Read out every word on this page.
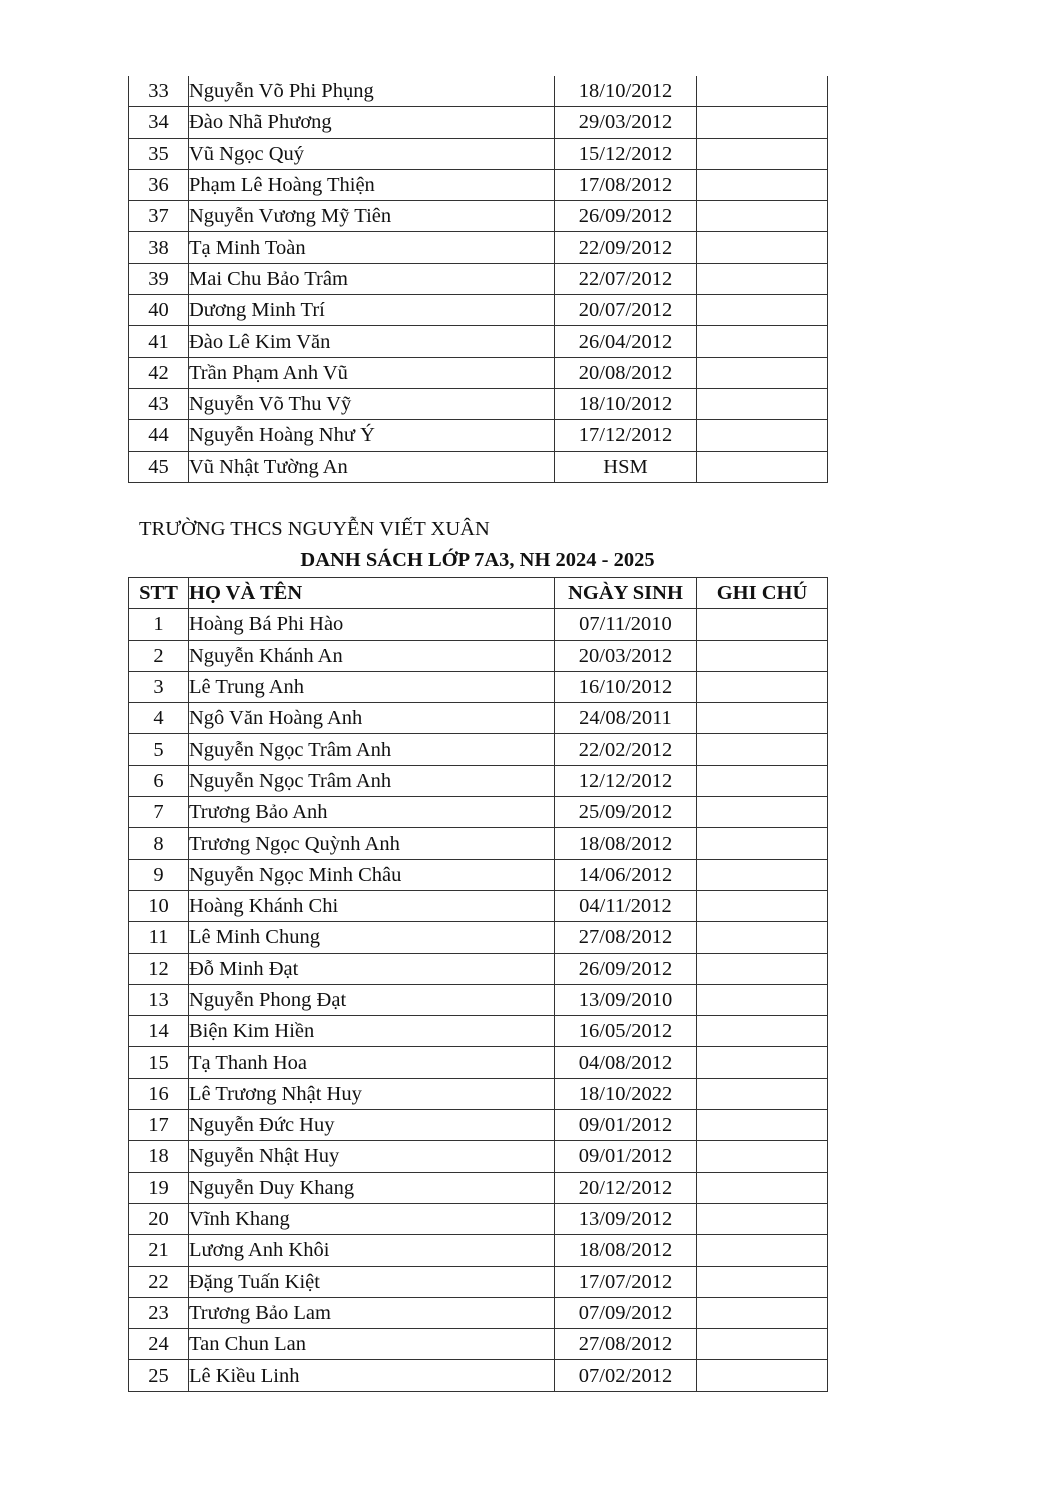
33	Nguyễn Võ Phi Phụng	18/10/2012	
34	Đào Nhã Phương	29/03/2012	
35	Vũ Ngọc Quý	15/12/2012	
36	Phạm Lê Hoàng Thiện	17/08/2012	
37	Nguyễn Vương Mỹ Tiên	26/09/2012	
38	Tạ Minh Toàn	22/09/2012	
39	Mai Chu Bảo Trâm	22/07/2012	
40	Dương Minh Trí	20/07/2012	
41	Đào Lê Kim Văn	26/04/2012	
42	Trần Phạm Anh Vũ	20/08/2012	
43	Nguyễn Võ Thu Vỹ	18/10/2012	
44	Nguyễn Hoàng Như Ý	17/12/2012	
45	Vũ Nhật Tường An	HSM	
TRƯỜNG THCS NGUYỄN VIẾT XUÂN
DANH SÁCH LỚP 7A3, NH 2024 - 2025
STT	HỌ VÀ TÊN	NGÀY SINH	GHI CHÚ
1	Hoàng Bá Phi Hào	07/11/2010	
2	Nguyễn Khánh An	20/03/2012	
3	Lê Trung Anh	16/10/2012	
4	Ngô Văn Hoàng Anh	24/08/2011	
5	Nguyễn Ngọc Trâm Anh	22/02/2012	
6	Nguyễn Ngọc Trâm Anh	12/12/2012	
7	Trương Bảo Anh	25/09/2012	
8	Trương Ngọc Quỳnh Anh	18/08/2012	
9	Nguyễn Ngọc Minh Châu	14/06/2012	
10	Hoàng Khánh Chi	04/11/2012	
11	Lê Minh Chung	27/08/2012	
12	Đỗ Minh Đạt	26/09/2012	
13	Nguyễn Phong Đạt	13/09/2010	
14	Biện Kim Hiền	16/05/2012	
15	Tạ Thanh Hoa	04/08/2012	
16	Lê Trương Nhật Huy	18/10/2022	
17	Nguyễn Đức Huy	09/01/2012	
18	Nguyễn Nhật Huy	09/01/2012	
19	Nguyễn Duy Khang	20/12/2012	
20	Vĩnh Khang	13/09/2012	
21	Lương Anh Khôi	18/08/2012	
22	Đặng Tuấn Kiệt	17/07/2012	
23	Trương Bảo Lam	07/09/2012	
24	Tan Chun Lan	27/08/2012	
25	Lê Kiều Linh	07/02/2012	
